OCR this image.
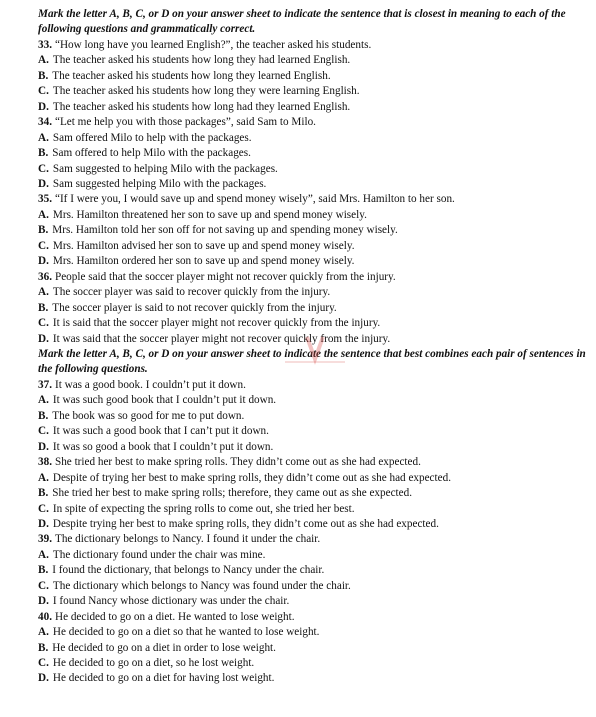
Mark the letter A, B, C, or D on your answer sheet to indicate the sentence that is closest in meaning to each of the following questions and grammatically correct.
33. “How long have you learned English?”, the teacher asked his students.
A. The teacher asked his students how long they had learned English.
B. The teacher asked his students how long they learned English.
C. The teacher asked his students how long they were learning English.
D. The teacher asked his students how long had they learned English.
34. “Let me help you with those packages”, said Sam to Milo.
A. Sam offered Milo to help with the packages.
B. Sam offered to help Milo with the packages.
C. Sam suggested to helping Milo with the packages.
D. Sam suggested helping Milo with the packages.
35. “If I were you, I would save up and spend money wisely”, said Mrs. Hamilton to her son.
A. Mrs. Hamilton threatened her son to save up and spend money wisely.
B. Mrs. Hamilton told her son off for not saving up and spending money wisely.
C. Mrs. Hamilton advised her son to save up and spend money wisely.
D. Mrs. Hamilton ordered her son to save up and spend money wisely.
36. People said that the soccer player might not recover quickly from the injury.
A. The soccer player was said to recover quickly from the injury.
B. The soccer player is said to not recover quickly from the injury.
C. It is said that the soccer player might not recover quickly from the injury.
D. It was said that the soccer player might not recover quickly from the injury.
Mark the letter A, B, C, or D on your answer sheet to indicate the sentence that best combines each pair of sentences in the following questions.
37. It was a good book. I couldn’t put it down.
A. It was such good book that I couldn’t put it down.
B. The book was so good for me to put down.
C. It was such a good book that I can’t put it down.
D. It was so good a book that I couldn’t put it down.
38. She tried her best to make spring rolls. They didn’t come out as she had expected.
A. Despite of trying her best to make spring rolls, they didn’t come out as she had expected.
B. She tried her best to make spring rolls; therefore, they came out as she expected.
C. In spite of expecting the spring rolls to come out, she tried her best.
D. Despite trying her best to make spring rolls, they didn’t come out as she had expected.
39. The dictionary belongs to Nancy. I found it under the chair.
A. The dictionary found under the chair was mine.
B. I found the dictionary, that belongs to Nancy under the chair.
C. The dictionary which belongs to Nancy was found under the chair.
D. I found Nancy whose dictionary was under the chair.
40. He decided to go on a diet. He wanted to lose weight.
A. He decided to go on a diet so that he wanted to lose weight.
B. He decided to go on a diet in order to lose weight.
C. He decided to go on a diet, so he lost weight.
D. He decided to go on a diet for having lost weight.
